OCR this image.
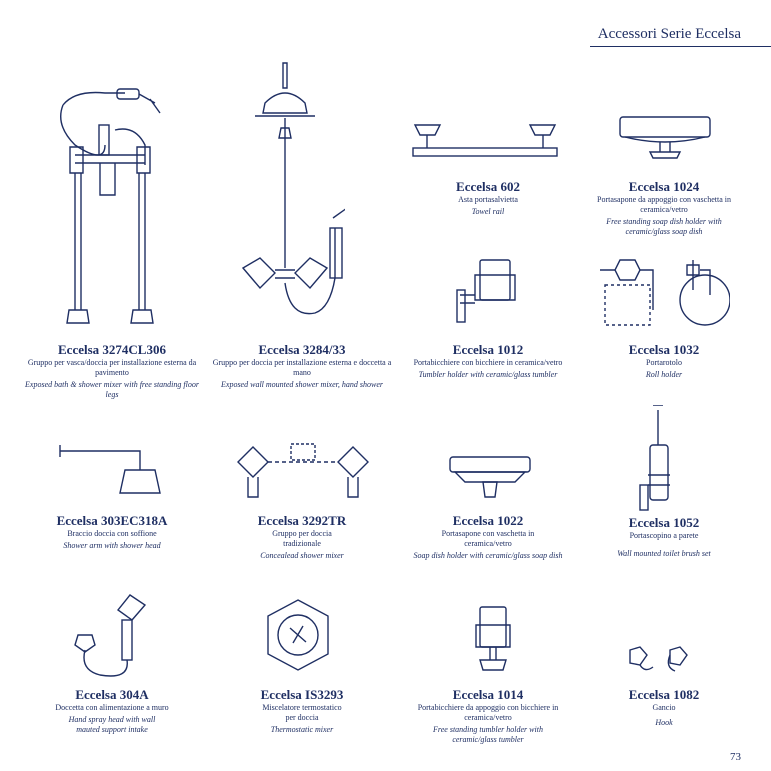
Accessori Serie Eccelsa
Eccelsa 3274CL306
Gruppo per vasca/doccia per installazione esterna da pavimento
Exposed bath & shower mixer with free standing floor legs
Eccelsa 3284/33
Gruppo per doccia per installazione esterna e doccetta a mano
Exposed wall mounted shower mixer, hand shower
Eccelsa 602
Asta portasalvietta
Towel rail
Eccelsa 1024
Portasapone da appoggio con vaschetta in ceramica/vetro
Free standing soap dish holder with ceramic/glass soap dish
Eccelsa 1012
Portabicchiere con bicchiere in ceramica/vetro
Tumbler holder with ceramic/glass tumbler
Eccelsa 1032
Portarotolo
Roll holder
Eccelsa 303EC318A
Braccio doccia con soffione
Shower arm with shower head
Eccelsa 3292TR
Gruppo per doccia tradizionale
Concealead shower mixer
Eccelsa 1022
Portasapone con vaschetta in ceramica/vetro
Soap dish holder with ceramic/glass soap dish
Eccelsa 1052
Portascopino a parete
Wall mounted toilet brush set
Eccelsa 304A
Doccetta con alimentazione a muro
Hand spray head with wall mauted support intake
Eccelsa IS3293
Miscelatore termostatico per doccia
Thermostatic mixer
Eccelsa 1014
Portabicchiere da appoggio con bicchiere in ceramica/vetro
Free standing tumbler holder with ceramic/glass tumbler
Eccelsa 1082
Gancio
Hook
73
